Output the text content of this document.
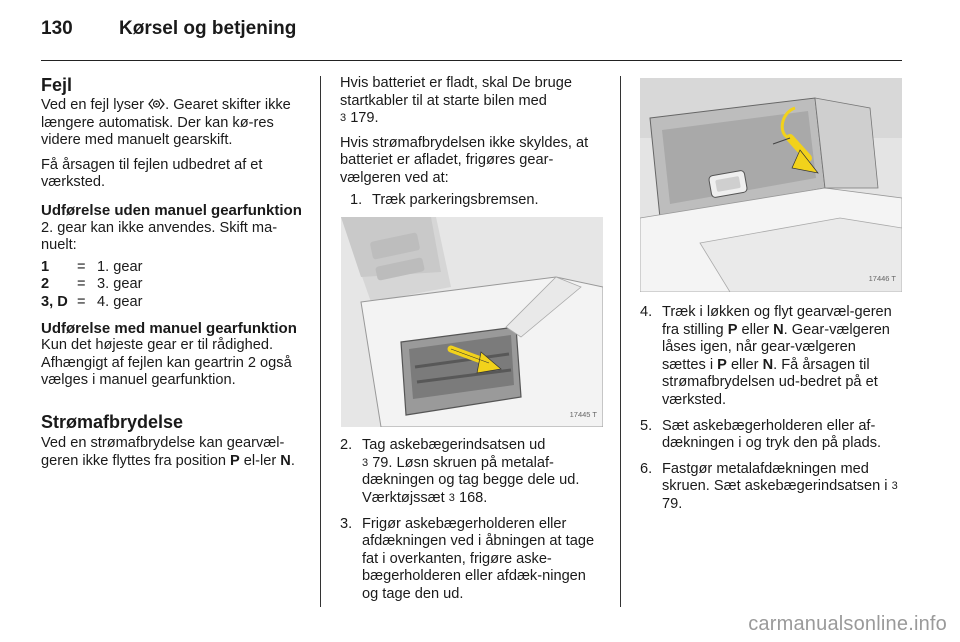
130 Kørsel og betjening
Fejl

Ved en fejl lyser . Gearet skifter ikke længere automatisk. Der kan kø-res videre med manuelt gearskift.

Få årsagen til fejlen udbedret af et værksted.

Udførelse uden manuel gearfunktion

2. gear kan ikke anvendes. Skift ma-nuelt:

1	=	1. gear
2	=	3. gear
3, D	=	4. gear
Udførelse med manuel gearfunktion

Kun det højeste gear er til rådighed. Afhængigt af fejlen kan geartrin 2 også vælges i manuel gearfunktion.

Strømafbrydelse

Ved en strømafbrydelse kan gearvæl-geren ikke flyttes fra position P el-ler N.

Hvis batteriet er fladt, skal De bruge startkabler til at starte bilen med
3 179.

Hvis strømafbrydelsen ikke skyldes, at batteriet er afladet, frigøres gear-vælgeren ved at:

1. Træk parkeringsbremsen.
17445 T
2. Tag askebægerindsatsen ud
3 79. Løsn skruen på metalaf-dækningen og tag begge dele ud. Værktøjssæt 3 168.
3. Frigør askebægerholderen eller afdækningen ved i åbningen at tage fat i overkanten, frigøre aske-bægerholderen eller afdæk-ningen og tage den ud.
17446 T
4. Træk i løkken og flyt gearvæl-geren fra stilling P eller N. Gear-vælgeren låses igen, når gear-vælgeren sættes i P eller N. Få årsagen til strømafbrydelsen ud-bedret på et værksted.
5. Sæt askebægerholderen eller af-dækningen i og tryk den på plads.
6. Fastgør metalafdækningen med skruen. Sæt askebægerindsatsen i 3 79.
carmanualsonline.info
